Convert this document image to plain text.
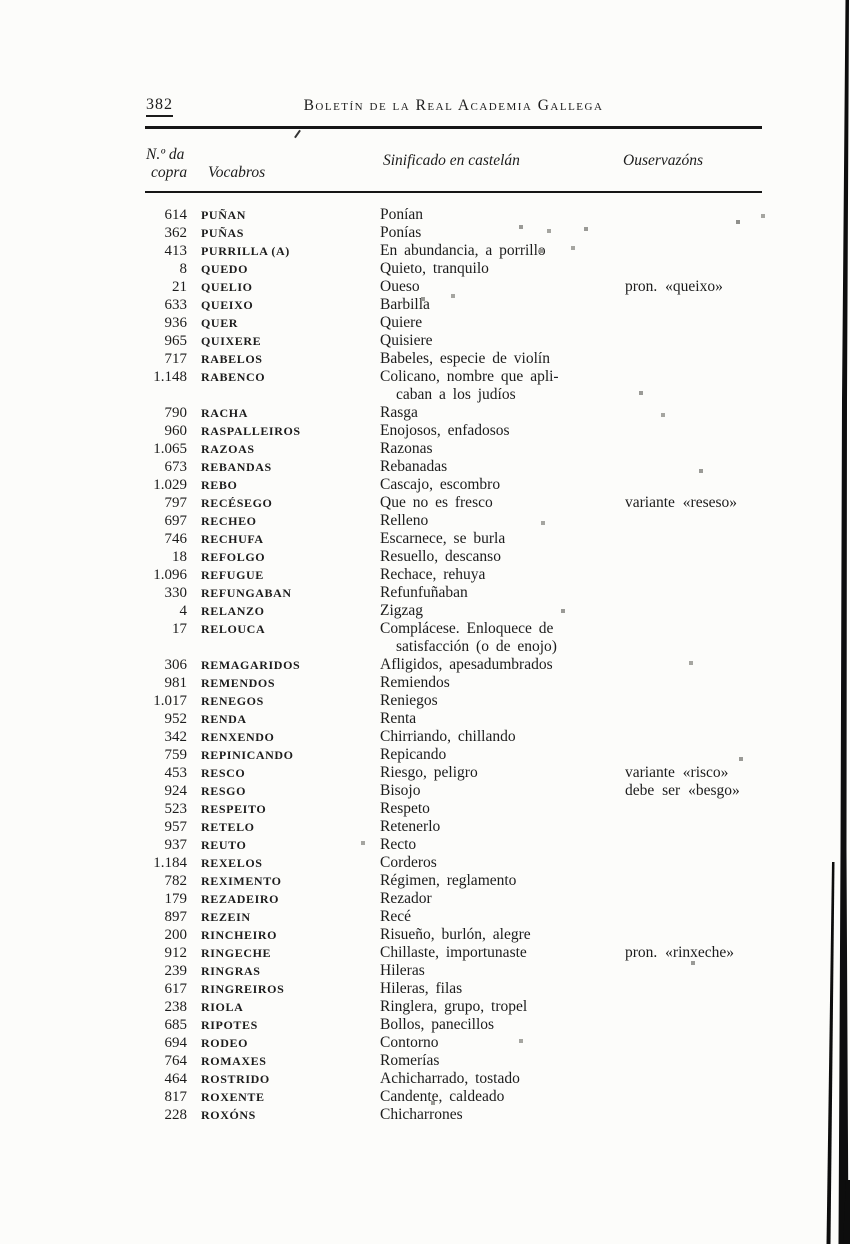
382	Boletín de la Real Academia Gallega
N.º da
copra Vocabros
Sinificado en castelán	Ouservazóns
614	PUÑAN	Ponían
362	PUÑAS	Ponías
413	PURRILLA (A)	En abundancia, a porrillo
8	QUEDO	Quieto, tranquilo
21	QUELIO	Oueso	pron. «queixo»
633	QUEIXO	Barbilla
936	QUER	Quiere
965	QUIXERE	Quisiere
717	RABELOS	Babeles, especie de violín
1.148	RABENCO	Colicano, nombre que apli-
caban a los judíos
790	RACHA	Rasga
960	RASPALLEIROS	Enojosos, enfadosos
1.065	RAZOAS	Razonas
673	REBANDAS	Rebanadas
1.029	REBO	Cascajo, escombro
797	RECÉSEGO	Que no es fresco	variante «reseso»
697	RECHEO	Relleno
746	RECHUFA	Escarnece, se burla
18	REFOLGO	Resuello, descanso
1.096	REFUGUE	Rechace, rehuya
330	REFUNGABAN	Refunfuñaban
4	RELANZO	Zigzag
17	RELOUCA	Complácese. Enloquece de
satisfacción (o de enojo)
306	REMAGARIDOS	Afligidos, apesadumbrados
981	REMENDOS	Remiendos
1.017	RENEGOS	Reniegos
952	RENDA	Renta
342	RENXENDO	Chirriando, chillando
759	REPINICANDO	Repicando
453	RESCO	Riesgo, peligro	variante «risco»
924	RESGO	Bisojo	debe ser «besgo»
523	RESPEITO	Respeto
957	RETELO	Retenerlo
937	REUTO	Recto
1.184	REXELOS	Corderos
782	REXIMENTO	Régimen, reglamento
179	REZADEIRO	Rezador
897	REZEIN	Recé
200	RINCHEIRO	Risueño, burlón, alegre
912	RINGECHE	Chillaste, importunaste	pron. «rinxeche»
239	RINGRAS	Hileras
617	RINGREIROS	Hileras, filas
238	RIOLA	Ringlera, grupo, tropel
685	RIPOTES	Bollos, panecillos
694	RODEO	Contorno
764	ROMAXES	Romerías
464	ROSTRIDO	Achicharrado, tostado
817	ROXENTE	Candente, caldeado
228	ROXÓNS	Chicharrones
